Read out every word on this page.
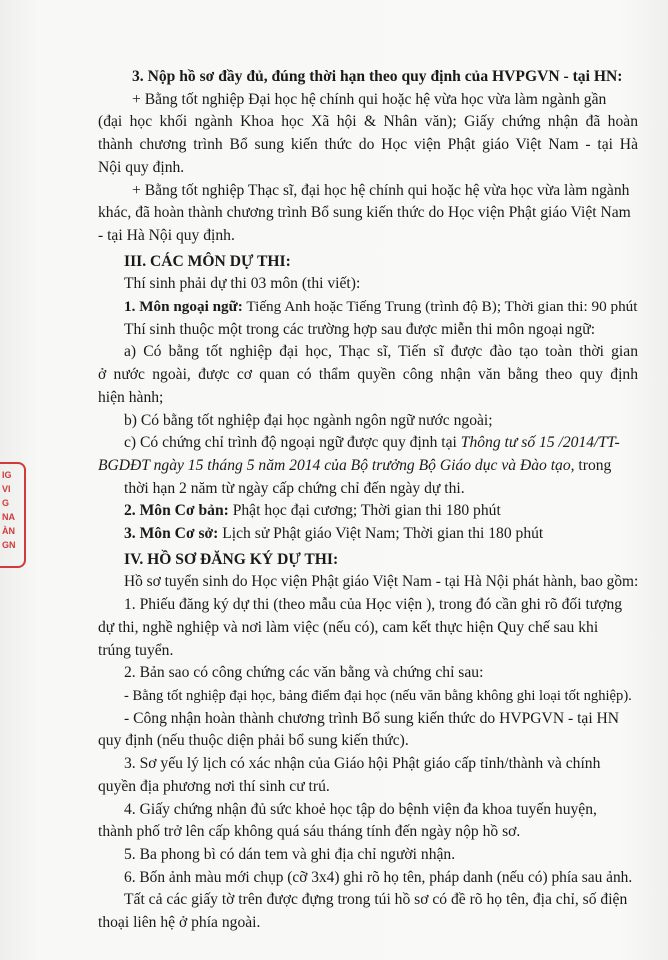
IG
VI
G
NA
ÀN
GN

3. Nộp hồ sơ đầy đủ, đúng thời hạn theo quy định của HVPGVN - tại HN:

+ Bằng tốt nghiệp Đại học hệ chính qui hoặc hệ vừa học vừa làm ngành gần

(đại học khối ngành Khoa học Xã hội & Nhân văn); Giấy chứng nhận đã hoàn

thành chương trình Bổ sung kiến thức do Học viện Phật giáo Việt Nam - tại Hà

Nội quy định.

+ Bằng tốt nghiệp Thạc sĩ, đại học hệ chính qui hoặc hệ vừa học vừa làm ngành

khác, đã hoàn thành chương trình Bổ sung kiến thức do Học viện Phật giáo Việt Nam

- tại Hà Nội quy định.

III. CÁC MÔN DỰ THI:

Thí sinh phải dự thi 03 môn (thi viết):

1. Môn ngoại ngữ: Tiếng Anh hoặc Tiếng Trung (trình độ B); Thời gian thi: 90 phút

Thí sinh thuộc một trong các trường hợp sau được miễn thi môn ngoại ngữ:

a) Có bằng tốt nghiệp đại học, Thạc sĩ, Tiến sĩ được đào tạo toàn thời gian

ở nước ngoài, được cơ quan có thẩm quyền công nhận văn bằng theo quy định

hiện hành;

b) Có bằng tốt nghiệp đại học ngành ngôn ngữ nước ngoài;

c) Có chứng chỉ trình độ ngoại ngữ được quy định tại Thông tư số 15 /2014/TT-

BGDĐT ngày 15 tháng 5 năm 2014 của Bộ trưởng Bộ Giáo dục và Đào tạo, trong

thời hạn 2 năm từ ngày cấp chứng chỉ đến ngày dự thi.

2. Môn Cơ bản: Phật học đại cương; Thời gian thi 180 phút

3. Môn Cơ sở: Lịch sử Phật giáo Việt Nam; Thời gian thi 180 phút

IV. HỒ SƠ ĐĂNG KÝ DỰ THI:

Hồ sơ tuyển sinh do Học viện Phật giáo Việt Nam - tại Hà Nội phát hành, bao gồm:

1. Phiếu đăng ký dự thi (theo mẫu của Học viện ), trong đó cần ghi rõ đối tượng

dự thi, nghề nghiệp và nơi làm việc (nếu có), cam kết thực hiện Quy chế sau khi

trúng tuyển.

2. Bản sao có công chứng các văn bằng và chứng chỉ sau:

- Bằng tốt nghiệp đại học, bảng điểm đại học (nếu văn bằng không ghi loại tốt nghiệp).

- Công nhận hoàn thành chương trình Bổ sung kiến thức do HVPGVN - tại HN

quy định (nếu thuộc diện phải bổ sung kiến thức).

3. Sơ yếu lý lịch có xác nhận của Giáo hội Phật giáo cấp tỉnh/thành và chính

quyền địa phương nơi thí sinh cư trú.

4. Giấy chứng nhận đủ sức khoẻ học tập do bệnh viện đa khoa tuyến huyện,

thành phố trở lên cấp không quá sáu tháng tính đến ngày nộp hồ sơ.

5. Ba phong bì có dán tem và ghi địa chỉ người nhận.

6. Bốn ảnh màu mới chụp (cỡ 3x4) ghi rõ họ tên, pháp danh (nếu có) phía sau ảnh.

Tất cả các giấy tờ trên được đựng trong túi hồ sơ có đề rõ họ tên, địa chỉ, số điện

thoại liên hệ ở phía ngoài.
